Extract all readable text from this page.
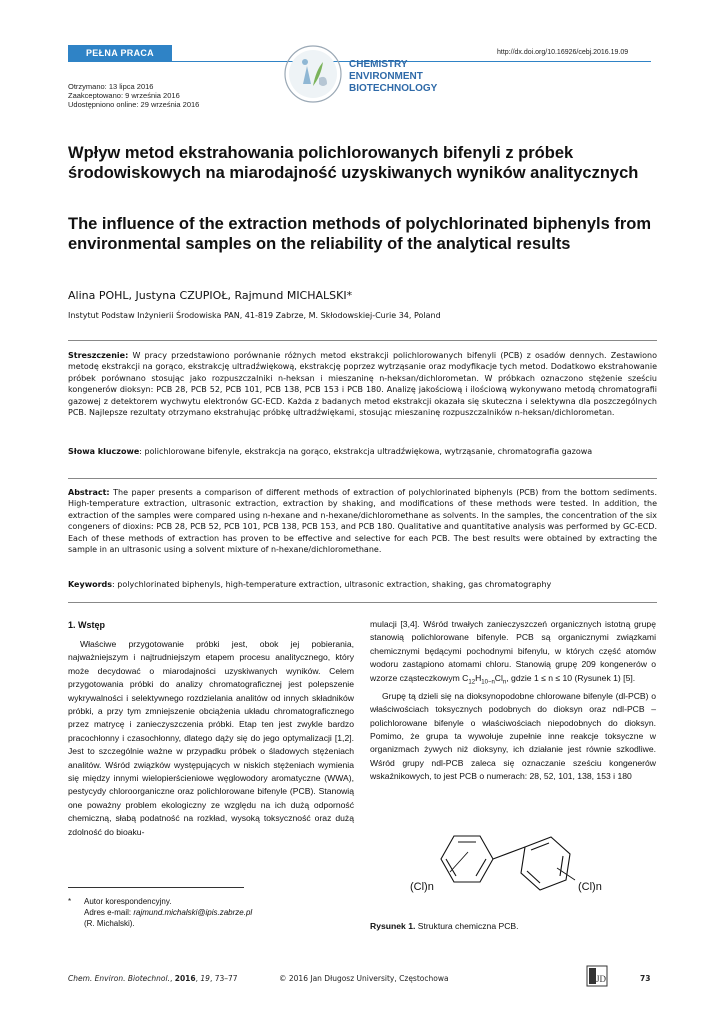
PEŁNA PRACA	http://dx.doi.org/10.16926/cebj.2016.19.09
CHEMISTRY
ENVIRONMENT
BIOTECHNOLOGY
Otrzymano: 13 lipca 2016
Zaakceptowano: 9 września 2016
Udostępniono online: 29 września 2016
Wpływ metod ekstrahowania polichlorowanych bifenyli z próbek środowiskowych na miarodajność uzyskiwanych wyników analitycznych
The influence of the extraction methods of polychlorinated biphenyls from environmental samples on the reliability of the analytical results
Alina POHL, Justyna CZUPIOŁ, Rajmund MICHALSKI*
Instytut Podstaw Inżynierii Środowiska PAN, 41-819 Zabrze, M. Skłodowskiej-Curie 34, Poland
Streszczenie: W pracy przedstawiono porównanie różnych metod ekstrakcji polichlorowanych bifenyli (PCB) z osadów dennych. Zestawiono metodę ekstrakcji na gorąco, ekstrakcję ultradźwiękową, ekstrakcję poprzez wytrząsanie oraz modyfikacje tych metod. Dodatkowo ekstrahowanie próbek porównano stosując jako rozpuszczalniki n-heksan i mieszaninę n-heksan/dichlorometan. W próbkach oznaczono stężenie sześciu kongenerów dioksyn: PCB 28, PCB 52, PCB 101, PCB 138, PCB 153 i PCB 180. Analizę jakościową i ilościową wykonywano metodą chromatografii gazowej z detektorem wychwytu elektronów GC-ECD. Każda z badanych metod ekstrakcji okazała się skuteczna i selektywna dla poszczególnych PCB. Najlepsze rezultaty otrzymano ekstrahując próbkę ultradźwiękami, stosując mieszaninę rozpuszczalników n-heksan/dichlorometan.
Słowa kluczowe: polichlorowane bifenyle, ekstrakcja na gorąco, ekstrakcja ultradźwiękowa, wytrząsanie, chromatografia gazowa
Abstract: The paper presents a comparison of different methods of extraction of polychlorinated biphenyls (PCB) from the bottom sediments. High-temperature extraction, ultrasonic extraction, extraction by shaking, and modifications of these methods were tested. In addition, the extraction of the samples were compared using n-hexane and n-hexane/dichloromethane as solvents. In the samples, the concentration of the six congeners of dioxins: PCB 28, PCB 52, PCB 101, PCB 138, PCB 153, and PCB 180. Qualitative and quantitative analysis was performed by GC-ECD. Each of these methods of extraction has proven to be effective and selective for each PCB. The best results were obtained by extracting the sample in an ultrasonic using a solvent mixture of n-hexane/dichloromethane.
Keywords: polychlorinated biphenyls, high-temperature extraction, ultrasonic extraction, shaking, gas chromatography
1. Wstęp

Właściwe przygotowanie próbki jest, obok jej pobierania, najważniejszym i najtrudniejszym etapem procesu analitycznego, który może decydować o miarodajności uzyskiwanych wyników. Celem przygotowania próbki do analizy chromatograficznej jest polepszenie wykrywalności i selektywnego rozdzielania analitów od innych składników próbki, a przy tym zmniejszenie obciążenia układu chromatograficznego przez matrycę i zanieczyszczenia próbki. Etap ten jest zwykle bardzo pracochłonny i czasochłonny, dlatego dąży się do jego optymalizacji [1,2]. Jest to szczególnie ważne w przypadku próbek o śladowych stężeniach analitów. Wśród związków występujących w niskich stężeniach wymienia się między innymi wielopierścieniowe węglowodory aromatyczne (WWA), pestycydy chloroorganiczne oraz polichlorowane bifenyle (PCB). Stanowią one poważny problem ekologiczny ze względu na ich dużą odporność chemiczną, słabą podatność na rozkład, wysoką toksyczność oraz dużą zdolność do bioaku-

mulacji [3,4]. Wśród trwałych zanieczyszczeń organicznych istotną grupę stanowią polichlorowane bifenyle. PCB są organicznymi związkami chemicznymi będącymi pochodnymi bifenylu, w których część atomów wodoru zastąpiono atomami chloru. Stanowią grupę 209 kongenerów o wzorze cząsteczkowym $C_{12}H_{10-n}Cl_n$, gdzie 1 ≤ n ≤ 10 (Rysunek 1) [5].

Grupę tą dzieli się na dioksynopodobne chlorowane bifenyle (dl-PCB) o właściwościach toksycznych podobnych do dioksyn oraz ndl-PCB – polichlorowane bifenyle o właściwościach niepodobnych do dioksyn. Pomimo, że grupa ta wywołuje zupełnie inne reakcje toksyczne w organizmach żywych niż dioksyny, ich działanie jest równie szkodliwe. Wśród grupy ndl-PCB zaleca się oznaczanie sześciu kongenerów wskaźnikowych, to jest PCB o numerach: 28, 52, 101, 138, 153 i 180

(Cl)n	(Cl)n
Rysunek 1. Struktura chemiczna PCB.
*	Autor korespondencyjny.
Adres e-mail: rajmund.michalski@ipis.zabrze.pl
(R. Michalski).
Chem. Environ. Biotechnol., 2016, 19, 73–77	© 2016 Jan Długosz University, Częstochowa	JD	73
